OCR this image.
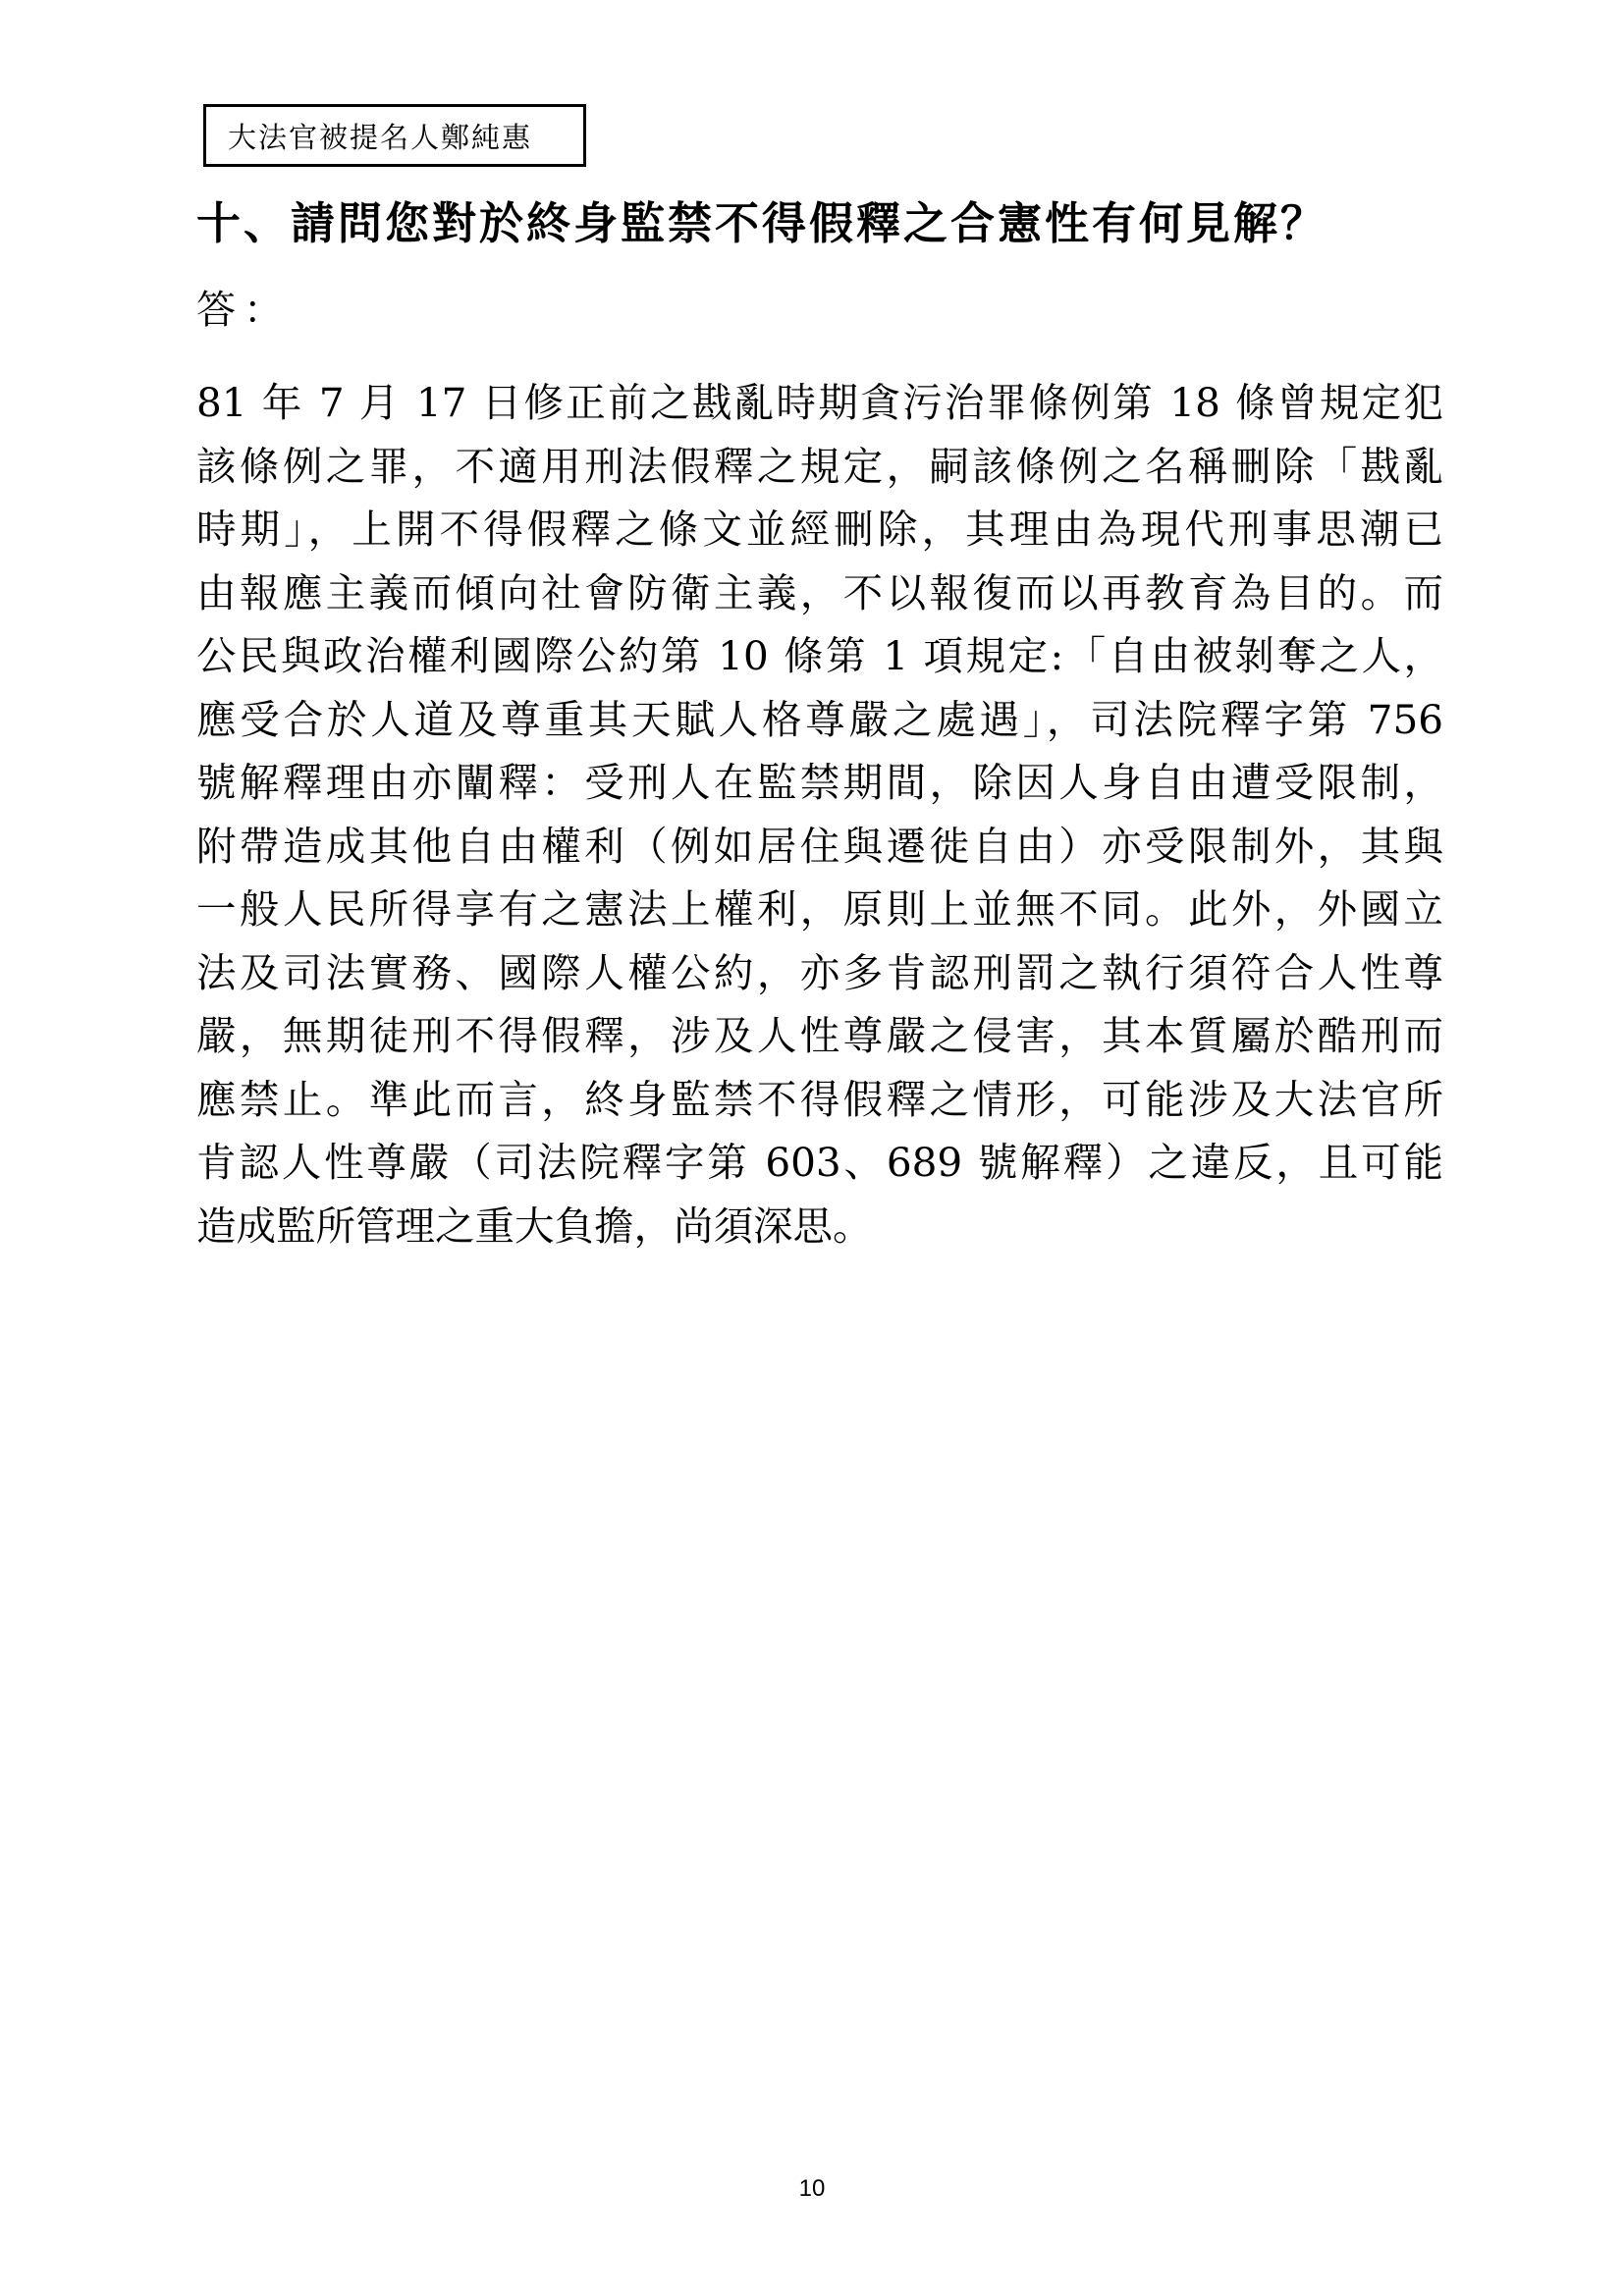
大法官被提名人鄭純惠
十、請問您對於終身監禁不得假釋之合憲性有何見解？
答：
81 年 7 月 17 日修正前之戡亂時期貪污治罪條例第 18 條曾規定犯
該條例之罪，不適用刑法假釋之規定，嗣該條例之名稱刪除「戡亂
時期」，上開不得假釋之條文並經刪除，其理由為現代刑事思潮已
由報應主義而傾向社會防衛主義，不以報復而以再教育為目的。而
公民與政治權利國際公約第 10 條第 1 項規定:「自由被剝奪之人，
應受合於人道及尊重其天賦人格尊嚴之處遇」，司法院釋字第 756
號解釋理由亦闡釋：受刑人在監禁期間，除因人身自由遭受限制，
附帶造成其他自由權利（例如居住與遷徙自由）亦受限制外，其與
一般人民所得享有之憲法上權利，原則上並無不同。此外，外國立
法及司法實務、國際人權公約，亦多肯認刑罰之執行須符合人性尊
嚴，無期徒刑不得假釋，涉及人性尊嚴之侵害，其本質屬於酷刑而
應禁止。準此而言，終身監禁不得假釋之情形，可能涉及大法官所
肯認人性尊嚴（司法院釋字第 603、689 號解釋）之違反，且可能
造成監所管理之重大負擔，尚須深思。
10
